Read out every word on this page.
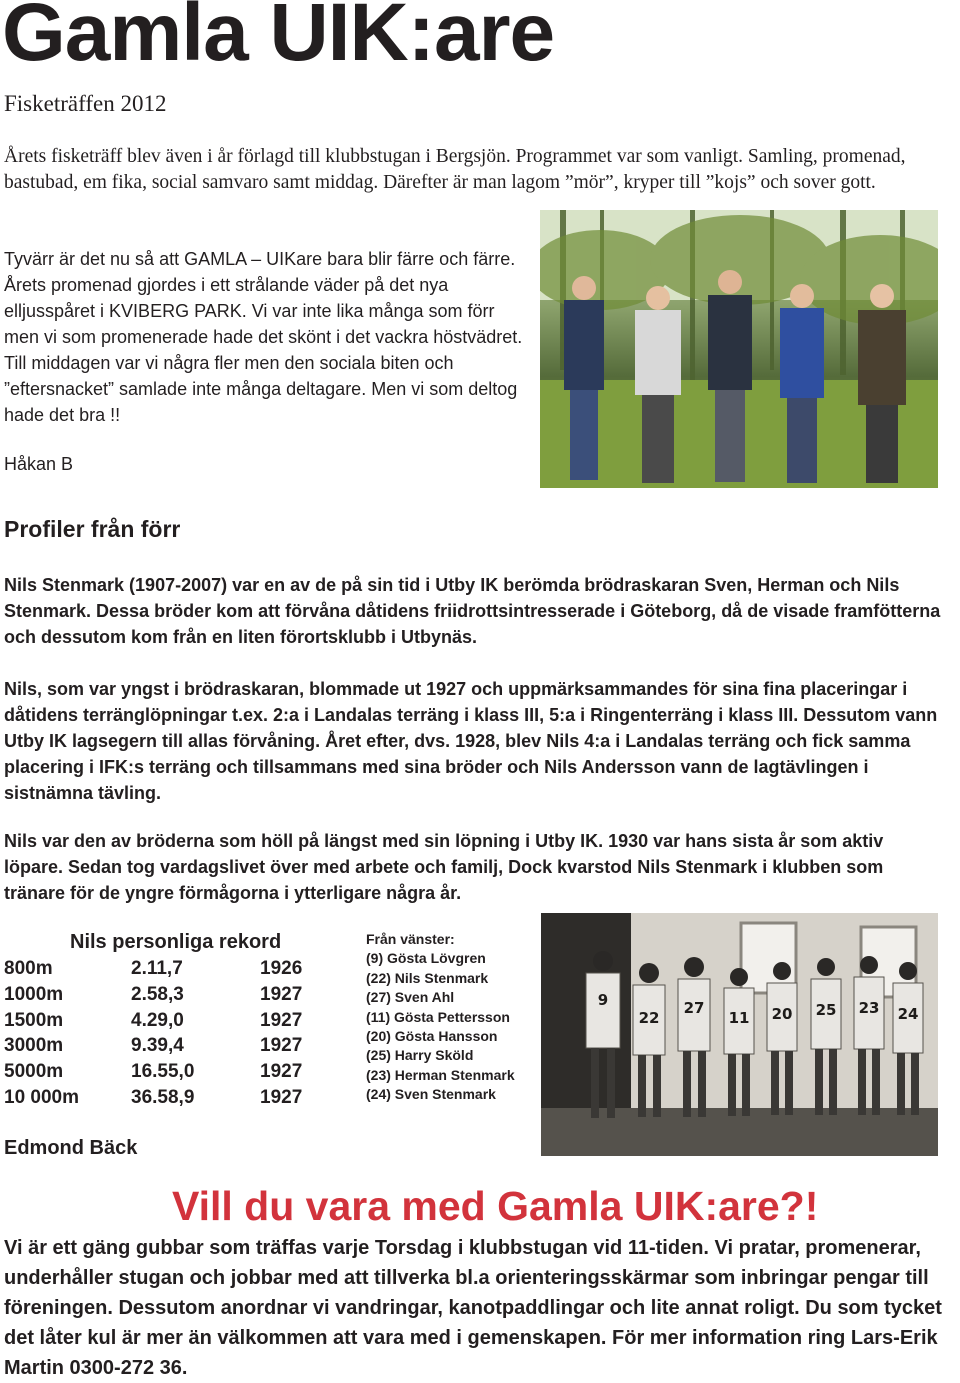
Gamla UIK:are
Fisketräffen 2012
Årets fisketräff blev även i år förlagd till klubbstugan i Bergsjön. Programmet var som vanligt. Samling, promenad, bastubad, em fika, social samvaro samt middag. Därefter är man lagom ”mör”, kryper till ”kojs” och sover gott.
Tyvärr är det nu så att GAMLA – UIKare bara blir färre och färre. Årets promenad gjordes i ett strålande väder på det nya elljusspåret i KVIBERG PARK. Vi var inte lika många som förr men vi som promenerade hade det skönt i det vackra höstvädret. Till middagen var vi några fler men den sociala biten och ”eftersnacket” samlade inte många deltagare. Men vi som deltog hade det bra !!
Håkan B
Profiler från förr
Nils Stenmark (1907-2007) var en av de på sin tid i Utby IK berömda brödraskaran Sven, Herman och Nils Stenmark. Dessa bröder kom att förvåna dåtidens friidrottsintresserade i Göteborg, då de visade framfötterna och dessutom kom från en liten förortsklubb i Utbynäs.
Nils, som var yngst i brödraskaran, blommade ut 1927 och uppmärksammandes för sina fina placeringar i dåtidens terränglöpningar t.ex. 2:a i Landalas terräng i klass III, 5:a i Ringenterräng i klass III. Dessutom vann Utby IK lagsegern till allas förvåning. Året efter, dvs. 1928, blev Nils 4:a i Landalas terräng och fick samma placering i IFK:s terräng och tillsammans med sina bröder och Nils Andersson vann de lagtävlingen i sistnämna tävling.
Nils var den av bröderna som höll på längst med sin löpning i Utby IK. 1930 var hans sista år som aktiv löpare. Sedan tog vardagslivet över med arbete och familj, Dock kvarstod Nils Stenmark i klubben som tränare för de yngre förmågorna i ytterligare några år.
Nils personliga rekord
800m	2.11,7	1926
1000m	2.58,3	1927
1500m	4.29,0	1927
3000m	9.39,4	1927
5000m	16.55,0	1927
10 000m	36.58,9	1927
Från vänster:
(9) Gösta Lövgren
(22) Nils Stenmark
(27) Sven Ahl
(11) Gösta Pettersson
(20) Gösta Hansson
(25) Harry Sköld
(23) Herman Stenmark
(24) Sven Stenmark
9
22
27
11 20 25 23 24
Edmond Bäck
Vill du vara med Gamla UIK:are?!
Vi är ett gäng gubbar som träffas varje Torsdag i klubbstugan vid 11-tiden. Vi pratar, promenerar, underhåller stugan och jobbar med att tillverka bl.a orienteringsskärmar som inbringar pengar till föreningen. Dessutom anordnar vi vandringar, kanotpaddlingar och lite annat roligt. Du som tycket det låter kul är mer än välkommen att vara med i gemenskapen. För mer information ring Lars-Erik Martin 0300-272 36.
